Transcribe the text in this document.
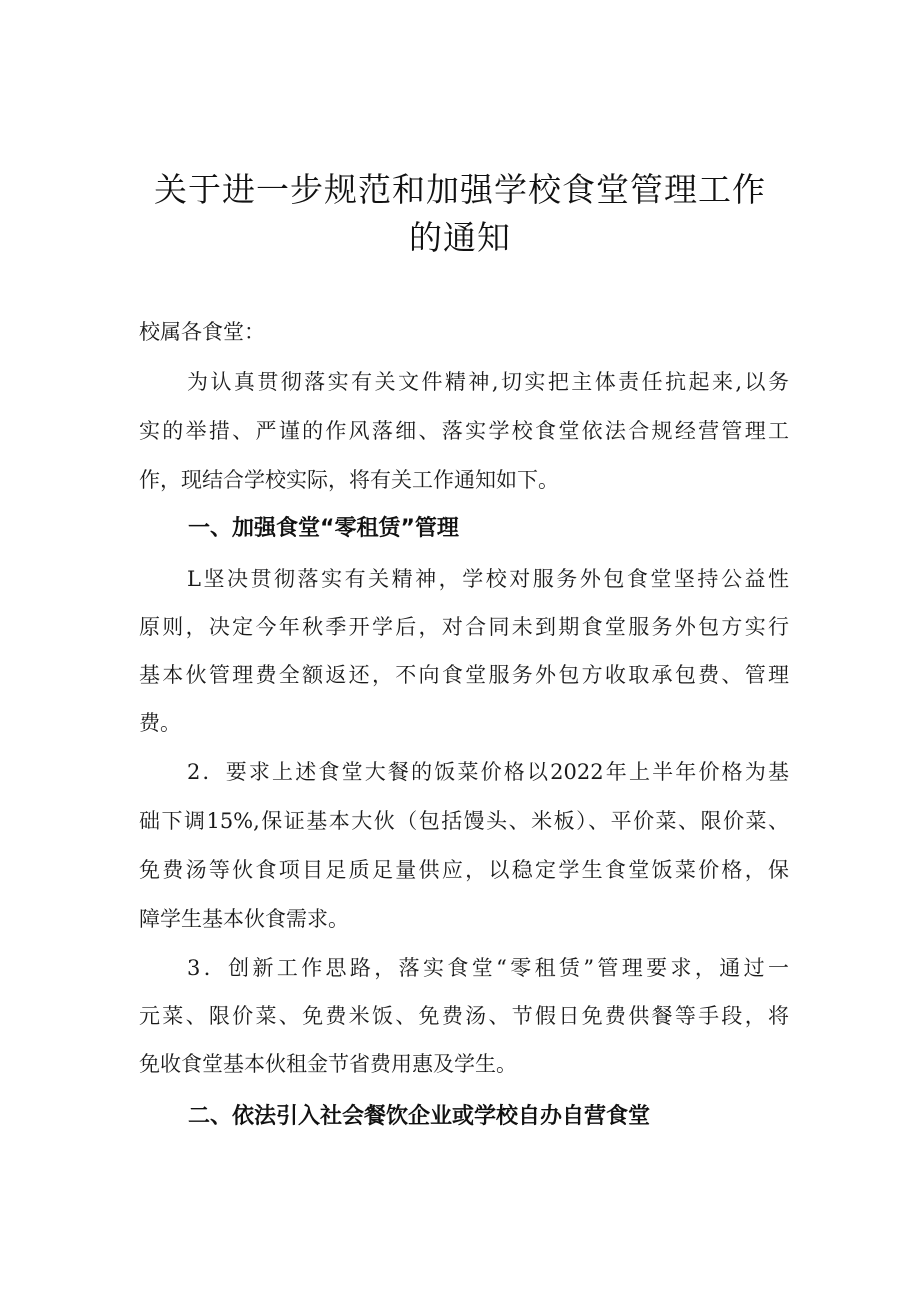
关于进一步规范和加强学校食堂管理工作
的通知
校属各食堂：
为认真贯彻落实有关文件精神,切实把主体责任抗起来,以务
实的举措、严谨的作风落细、落实学校食堂依法合规经营管理工
作，现结合学校实际，将有关工作通知如下。
一、加强食堂“零租赁”管理
L坚决贯彻落实有关精神，学校对服务外包食堂坚持公益性
原则，决定今年秋季开学后，对合同未到期食堂服务外包方实行
基本伙管理费全额返还，不向食堂服务外包方收取承包费、管理
费。
2．要求上述食堂大餐的饭菜价格以2022年上半年价格为基
础下调15%,保证基本大伙（包括馒头、米板）、平价菜、限价菜、
免费汤等伙食项目足质足量供应，以稳定学生食堂饭菜价格，保
障学生基本伙食需求。
3．创新工作思路，落实食堂“零租赁”管理要求，通过一
元菜、限价菜、免费米饭、免费汤、节假日免费供餐等手段，将
免收食堂基本伙租金节省费用惠及学生。
二、依法引入社会餐饮企业或学校自办自营食堂
